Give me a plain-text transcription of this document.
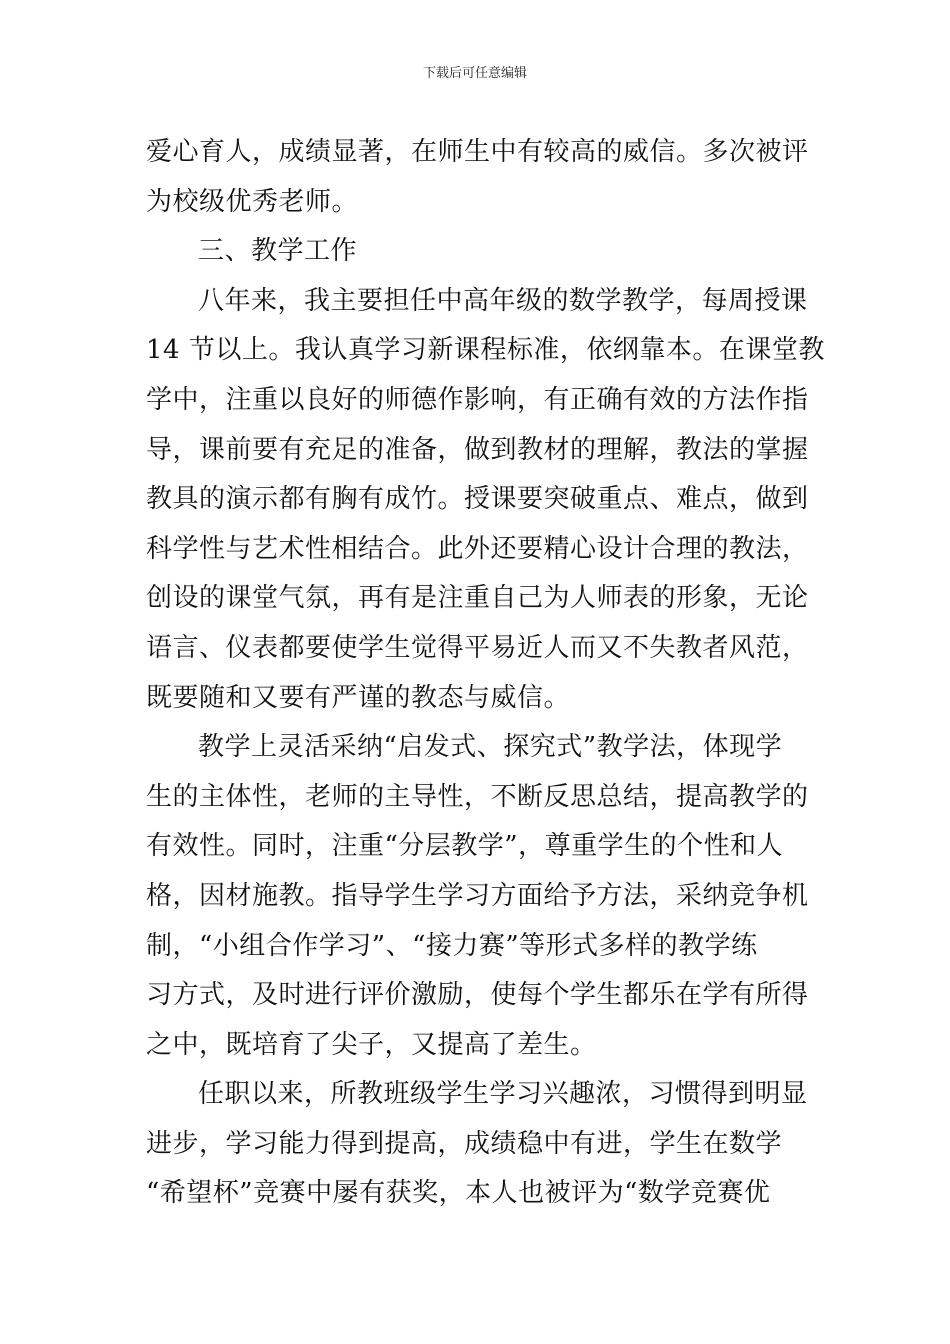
下载后可任意编辑
爱心育人，成绩显著，在师生中有较高的威信。多次被评
为校级优秀老师。
三、教学工作
八年来，我主要担任中高年级的数学教学，每周授课
14 节以上。我认真学习新课程标准，依纲靠本。在课堂教
学中，注重以良好的师德作影响，有正确有效的方法作指
导，课前要有充足的准备，做到教材的理解，教法的掌握
教具的演示都有胸有成竹。授课要突破重点、难点，做到
科学性与艺术性相结合。此外还要精心设计合理的教法，
创设的课堂气氛，再有是注重自己为人师表的形象，无论
语言、仪表都要使学生觉得平易近人而又不失教者风范，
既要随和又要有严谨的教态与威信。
教学上灵活采纳“启发式、探究式”教学法，体现学
生的主体性，老师的主导性，不断反思总结，提高教学的
有效性。同时，注重“分层教学”，尊重学生的个性和人
格，因材施教。指导学生学习方面给予方法，采纳竞争机
制，“小组合作学习”、“接力赛”等形式多样的教学练
习方式，及时进行评价激励，使每个学生都乐在学有所得
之中，既培育了尖子，又提高了差生。
任职以来，所教班级学生学习兴趣浓，习惯得到明显
进步，学习能力得到提高，成绩稳中有进，学生在数学
“希望杯”竞赛中屡有获奖，本人也被评为“数学竞赛优
